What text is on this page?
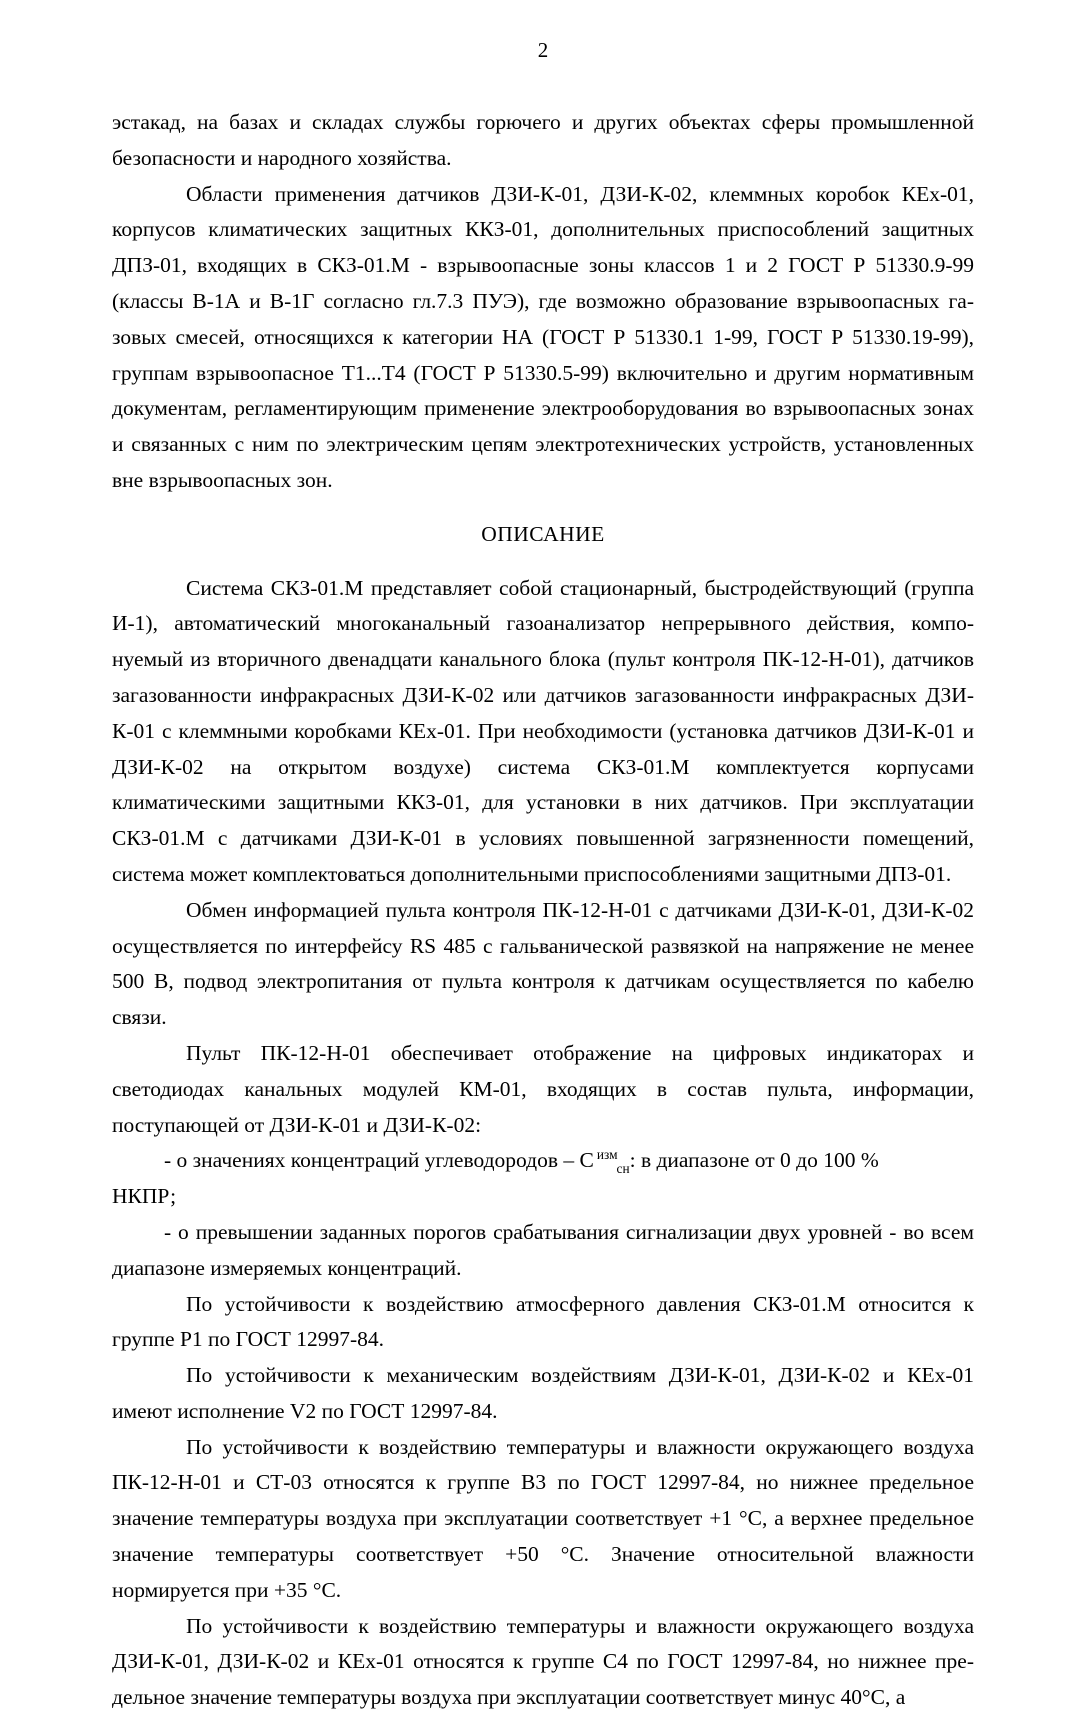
2

эстакад, на базах и складах службы горючего и других объектах сферы промышленной безопасности и народного хозяйства.

Области применения датчиков ДЗИ-К-01, ДЗИ-К-02, клеммных коробок КЕх-01, корпусов климатических защитных ККЗ-01, дополнительных приспособлений защитных ДПЗ-01, входящих в СКЗ-01.М - взрывоопасные зоны классов 1 и 2 ГОСТ Р 51330.9-99 (классы В-1А и В-1Г согласно гл.7.3 ПУЭ), где возможно образование взрывоопасных га-зовых смесей, относящихся к категории НА (ГОСТ Р 51330.1 1-99, ГОСТ Р 51330.19-99), группам взрывоопасное Т1...Т4 (ГОСТ Р 51330.5-99) включительно и другим нормативным документам, регламентирующим применение электрооборудования во взрывоопасных зонах и связанных с ним по электрическим цепям электротехнических устройств, установленных вне взрывоопасных зон.

ОПИСАНИЕ

Система СКЗ-01.М представляет собой стационарный, быстродействующий (группа И-1), автоматический многоканальный газоанализатор непрерывного действия, компо-нуемый из вторичного двенадцати канального блока (пульт контроля ПК-12-Н-01), датчиков загазованности инфракрасных ДЗИ-К-02 или датчиков загазованности инфракрасных ДЗИ-К-01 с клеммными коробками КЕх-01. При необходимости (установка датчиков ДЗИ-К-01 и ДЗИ-К-02 на открытом воздухе) система СКЗ-01.М комплектуется корпусами климатическими защитными ККЗ-01, для установки в них датчиков. При эксплуатации СКЗ-01.М с датчиками ДЗИ-К-01 в условиях повышенной загрязненности помещений, система может комплектоваться дополнительными приспособлениями защитными ДПЗ-01.

Обмен информацией пульта контроля ПК-12-Н-01 с датчиками ДЗИ-К-01, ДЗИ-К-02 осуществляется по интерфейсу RS 485 с гальванической развязкой на напряжение не менее 500 В, подвод электропитания от пульта контроля к датчикам осуществляется по кабелю связи.

Пульт ПК-12-Н-01 обеспечивает отображение на цифровых индикаторах и светодиодах канальных модулей КМ-01, входящих в состав пульта, информации, поступающей от ДЗИ-К-01 и ДЗИ-К-02:

- о значениях концентраций углеводородов – С $^{изм}_{сн}$: в диапазоне от 0 до 100 %

НКПР;

- о превышении заданных порогов срабатывания сигнализации двух уровней - во всем диапазоне измеряемых концентраций.

По устойчивости к воздействию атмосферного давления СКЗ-01.М относится к группе Р1 по ГОСТ 12997-84.

По устойчивости к механическим воздействиям ДЗИ-К-01, ДЗИ-К-02 и КЕх-01 имеют исполнение V2 по ГОСТ 12997-84.

По устойчивости к воздействию температуры и влажности окружающего воздуха ПК-12-Н-01 и СТ-03 относятся к группе В3 по ГОСТ 12997-84, но нижнее предельное значение температуры воздуха при эксплуатации соответствует +1 °С, а верхнее предельное значение температуры соответствует +50 °С. Значение относительной влажности нормируется при +35 °С.

По устойчивости к воздействию температуры и влажности окружающего воздуха ДЗИ-К-01, ДЗИ-К-02 и КЕх-01 относятся к группе С4 по ГОСТ 12997-84, но нижнее пре-дельное значение температуры воздуха при эксплуатации соответствует минус 40°С, а
